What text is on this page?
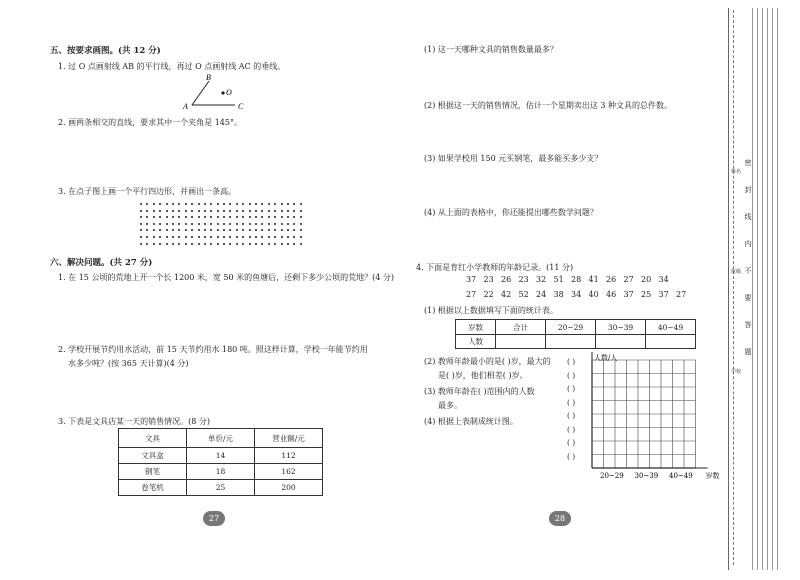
五、按要求画图。(共 12 分)
1. 过 O 点画射线 AB 的平行线，再过 O 点画射线 AC 的垂线。
B
O
A	C
2. 画两条相交的直线，要求其中一个夹角是 145°。
3. 在点子图上画一个平行四边形，并画出一条高。
六、解决问题。(共 27 分)
1. 在 15 公顷的荒地上开一个长 1200 米，宽 50 米的鱼塘后，还剩下多少公顷的荒地？(4 分)
2. 学校开展节约用水活动，前 15 天节约用水 180 吨。照这样计算，学校一年能节约用
水多少吨？(按 365 天计算)(4 分)
3. 下表是文具店某一天的销售情况。(8 分)
文具	单价/元	营业额/元
文具盒	14	112
钢笔	18	162
卷笔机	25	200
27
(1) 这一天哪种文具的销售数量最多？
(2) 根据这一天的销售情况，估计一个星期卖出这 3 种文具的总件数。
(3) 如果学校用 150 元买钢笔，最多能买多少支？
(4) 从上面的表格中，你还能提出哪些数学问题？
4. 下面是育红小学教师的年龄记录。(11 分)
37 23 26 23 32 51 28 41 26 27 20 34
27 22 42 52 24 38 34 40 46 37 25 37 27
(1) 根据以上数据填写下面的统计表。
岁数	合计	20~29	30~39	40~49
人数				
(2) 教师年龄最小的是( )岁，最大的
是( )岁，他们相差( )岁。
(3) 教师年龄在( )范围内的人数
最多。
(4) 根据上表制成统计图。
( )
( )
( )
( )
( )
( )
( )
( )
人数/人
岁数
20~29 30~39 40~49
28
密
封
线
内
不
要
答
题
姓名
班级
学校
